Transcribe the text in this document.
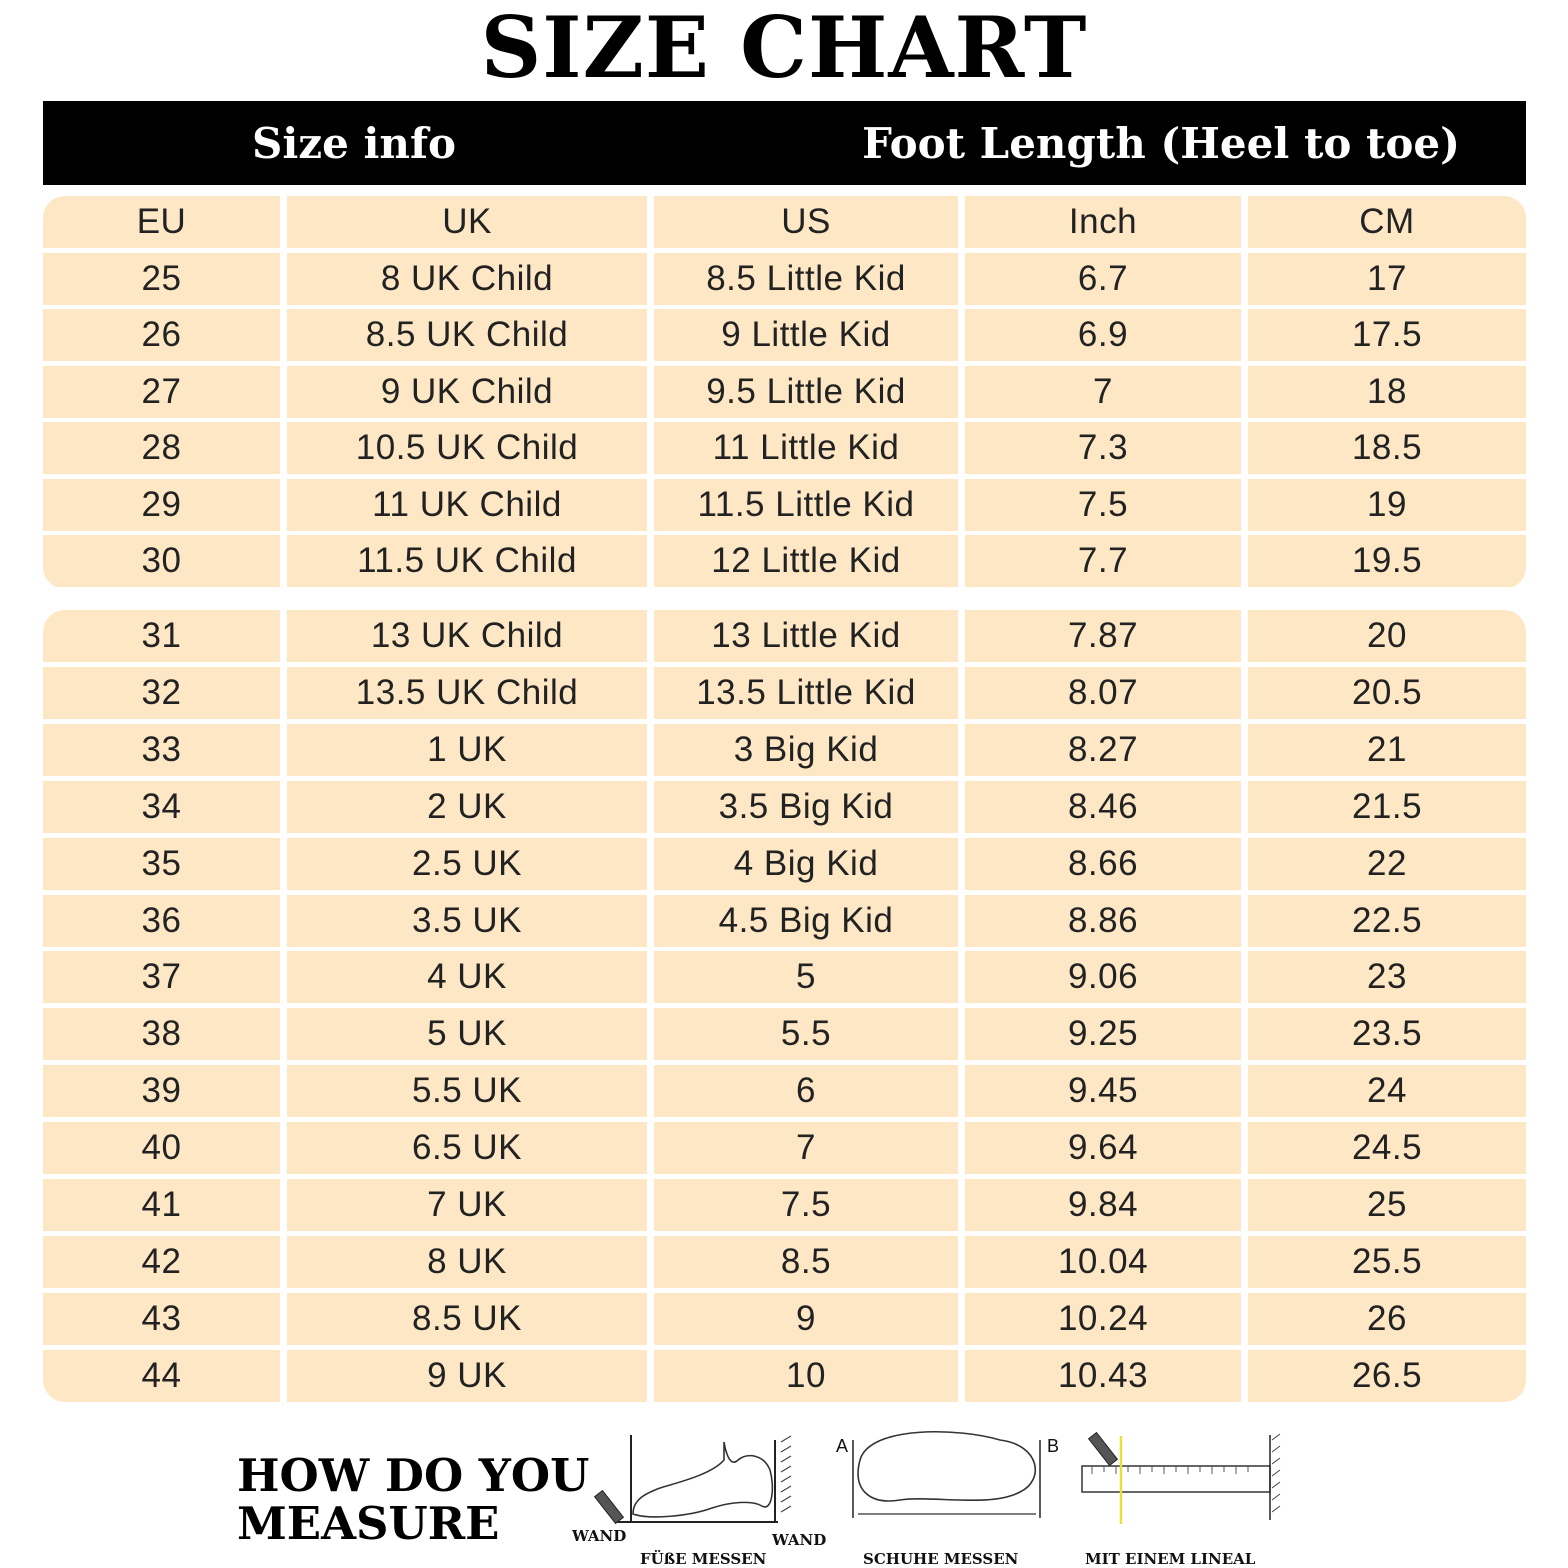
SIZE CHART
Size info	Foot Length (Heel to toe)
EU	UK	US	Inch	CM
25	8 UK Child	8.5 Little Kid	6.7	17
26	8.5 UK Child	9 Little Kid	6.9	17.5
27	9 UK Child	9.5 Little Kid	7	18
28	10.5 UK Child	11 Little Kid	7.3	18.5
29	11 UK Child	11.5 Little Kid	7.5	19
30	11.5 UK Child	12 Little Kid	7.7	19.5
31	13 UK Child	13 Little Kid	7.87	20
32	13.5 UK Child	13.5 Little Kid	8.07	20.5
33	1 UK	3 Big Kid	8.27	21
34	2 UK	3.5 Big Kid	8.46	21.5
35	2.5 UK	4 Big Kid	8.66	22
36	3.5 UK	4.5 Big Kid	8.86	22.5
37	4 UK	5	9.06	23
38	5 UK	5.5	9.25	23.5
39	5.5 UK	6	9.45	24
40	6.5 UK	7	9.64	24.5
41	7 UK	7.5	9.84	25
42	8 UK	8.5	10.04	25.5
43	8.5 UK	9	10.24	26
44	9 UK	10	10.43	26.5
HOW DO YOU
MEASURE	WAND	WAND
A	B
FÜßE MESSEN	SCHUHE MESSEN	MIT EINEM LINEAL
